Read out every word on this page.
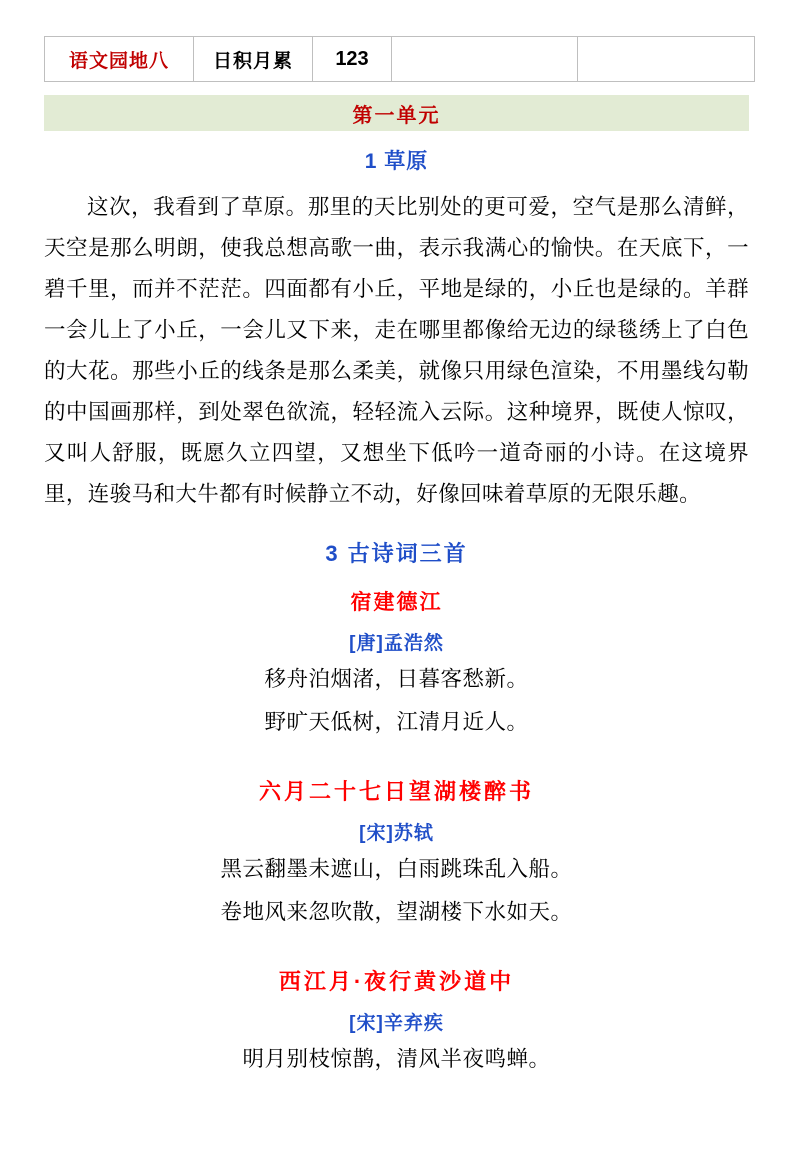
语文园地八	日积月累	123		
第一单元
1 草原
这次，我看到了草原。那里的天比别处的更可爱，空气是那么清鲜，天空是那么明朗，使我总想高歌一曲，表示我满心的愉快。在天底下，一碧千里，而并不茫茫。四面都有小丘，平地是绿的，小丘也是绿的。羊群一会儿上了小丘，一会儿又下来，走在哪里都像给无边的绿毯绣上了白色的大花。那些小丘的线条是那么柔美，就像只用绿色渲染，不用墨线勾勒的中国画那样，到处翠色欲流，轻轻流入云际。这种境界，既使人惊叹，又叫人舒服，既愿久立四望，又想坐下低吟一道奇丽的小诗。在这境界里，连骏马和大牛都有时候静立不动，好像回味着草原的无限乐趣。
3 古诗词三首
宿建德江
[唐]孟浩然
移舟泊烟渚，日暮客愁新。
野旷天低树，江清月近人。
六月二十七日望湖楼醉书
[宋]苏轼
黑云翻墨未遮山，白雨跳珠乱入船。
卷地风来忽吹散，望湖楼下水如天。
西江月·夜行黄沙道中
[宋]辛弃疾
明月别枝惊鹊，清风半夜鸣蝉。
